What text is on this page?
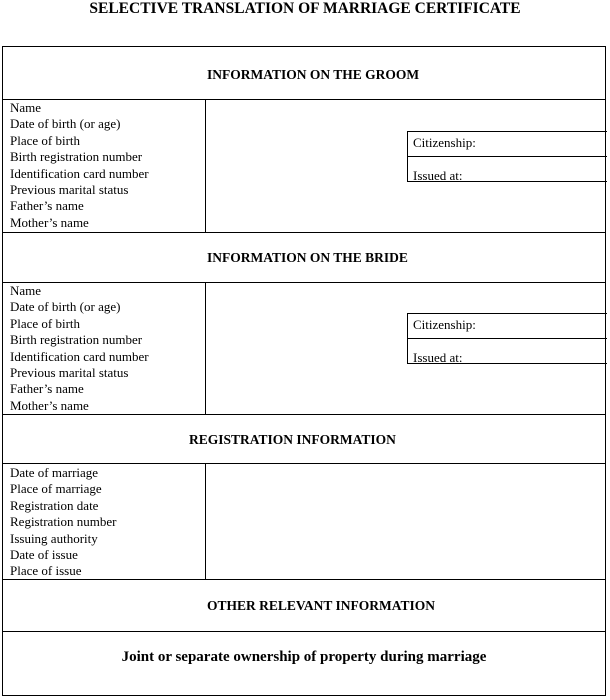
SELECTIVE TRANSLATION OF MARRIAGE CERTIFICATE
INFORMATION ON THE GROOM
Name
Date of birth (or age)
Place of birth
Birth registration number
Identification card number
Previous marital status
Father’s name
Mother’s name
Citizenship:
Issued at:
INFORMATION ON THE BRIDE
Name
Date of birth (or age)
Place of birth
Birth registration number
Identification card number
Previous marital status
Father’s name
Mother’s name
Citizenship:
Issued at:
REGISTRATION INFORMATION
Date of marriage
Place of marriage
Registration date
Registration number
Issuing authority
Date of issue
Place of issue
OTHER RELEVANT INFORMATION
Joint or separate ownership of property during marriage
